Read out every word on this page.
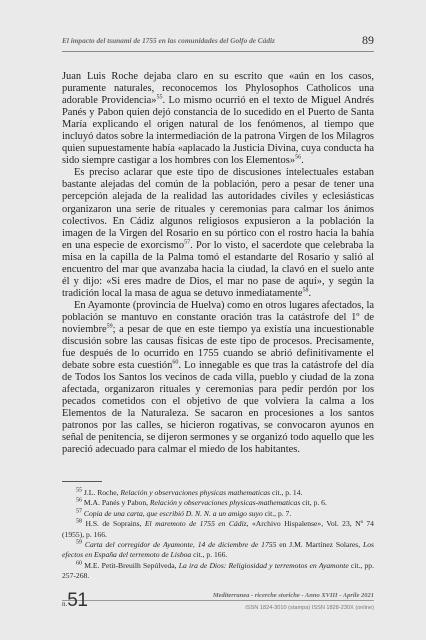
El impacto del tsunami de 1755 en las comunidades del Golfo de Cádiz	89

Juan Luis Roche dejaba claro en su escrito que «aún en los casos, puramente naturales, reconocemos los Phylosophos Catholicos una adorable Providencia»$^{55}$. Lo mismo ocurrió en el texto de Miguel Andrés Panés y Pabon quien dejó constancia de lo sucedido en el Puerto de Santa María explicando el origen natural de los fenómenos, al tiempo que incluyó datos sobre la intermediación de la patrona Virgen de los Milagros quien supuestamente había «aplacado la Justicia Divina, cuya conducta ha sido siempre castigar a los hombres con los Elementos»$^{56}$.

Es preciso aclarar que este tipo de discusiones intelectuales estaban bastante alejadas del común de la población, pero a pesar de tener una percepción alejada de la realidad las autoridades civiles y eclesiásticas organizaron una serie de rituales y ceremonias para calmar los ánimos colectivos. En Cádiz algunos religiosos expusieron a la población la imagen de la Virgen del Rosario en su pórtico con el rostro hacia la bahía en una especie de exorcismo$^{57}$. Por lo visto, el sacerdote que celebraba la misa en la capilla de la Palma tomó el estandarte del Rosario y salió al encuentro del mar que avanzaba hacia la ciudad, la clavó en el suelo ante él y dijo: «Si eres madre de Dios, el mar no pase de aquí», y según la tradición local la masa de agua se detuvo inmediatamente$^{58}$.

En Ayamonte (provincia de Huelva) como en otros lugares afectados, la población se mantuvo en constante oración tras la catástrofe del 1º de noviembre$^{59}$; a pesar de que en este tiempo ya existía una incuestionable discusión sobre las causas físicas de este tipo de procesos. Precisamente, fue después de lo ocurrido en 1755 cuando se abrió definitivamente el debate sobre esta cuestión$^{60}$. Lo innegable es que tras la catástrofe del día de Todos los Santos los vecinos de cada villa, pueblo y ciudad de la zona afectada, organizaron rituales y ceremonias para pedir perdón por los pecados cometidos con el objetivo de que volviera la calma a los Elementos de la Naturaleza. Se sacaron en procesiones a los santos patronos por las calles, se hicieron rogativas, se convocaron ayunos en señal de penitencia, se dijeron sermones y se organizó todo aquello que les pareció adecuado para calmar el miedo de los habitantes.

$^{55}$ J.L. Roche, Relación y observaciones physicas mathematicas cit., p. 14.

$^{56}$ M.A. Panés y Pabon, Relación y observaciones physicas-mathematicas cit, p. 6.

$^{57}$ Copia de una carta, que escribió D. N. N. a un amigo suyo cit., p. 7.

$^{58}$ H.S. de Soprains, El maremoto de 1755 en Cádiz, «Archivo Hispalense», Vol. 23, Nº 74 (1955), p. 166.

$^{59}$ Carta del corregidor de Ayamonte, 14 de diciembre de 1755 en J.M. Martínez Solares, Los efectos en España del terremoto de Lisboa cit., p. 166.

$^{60}$ M.E. Petit-Breuilh Sepúlveda, La ira de Dios: Religiosidad y terremotos en Ayamonte cit., pp. 257-268.

n.51	Mediterranea - ricerche storiche - Anno XVIII - Aprile 2021
ISSN 1824-3010 (stampa) ISSN 1828-230X (online)
